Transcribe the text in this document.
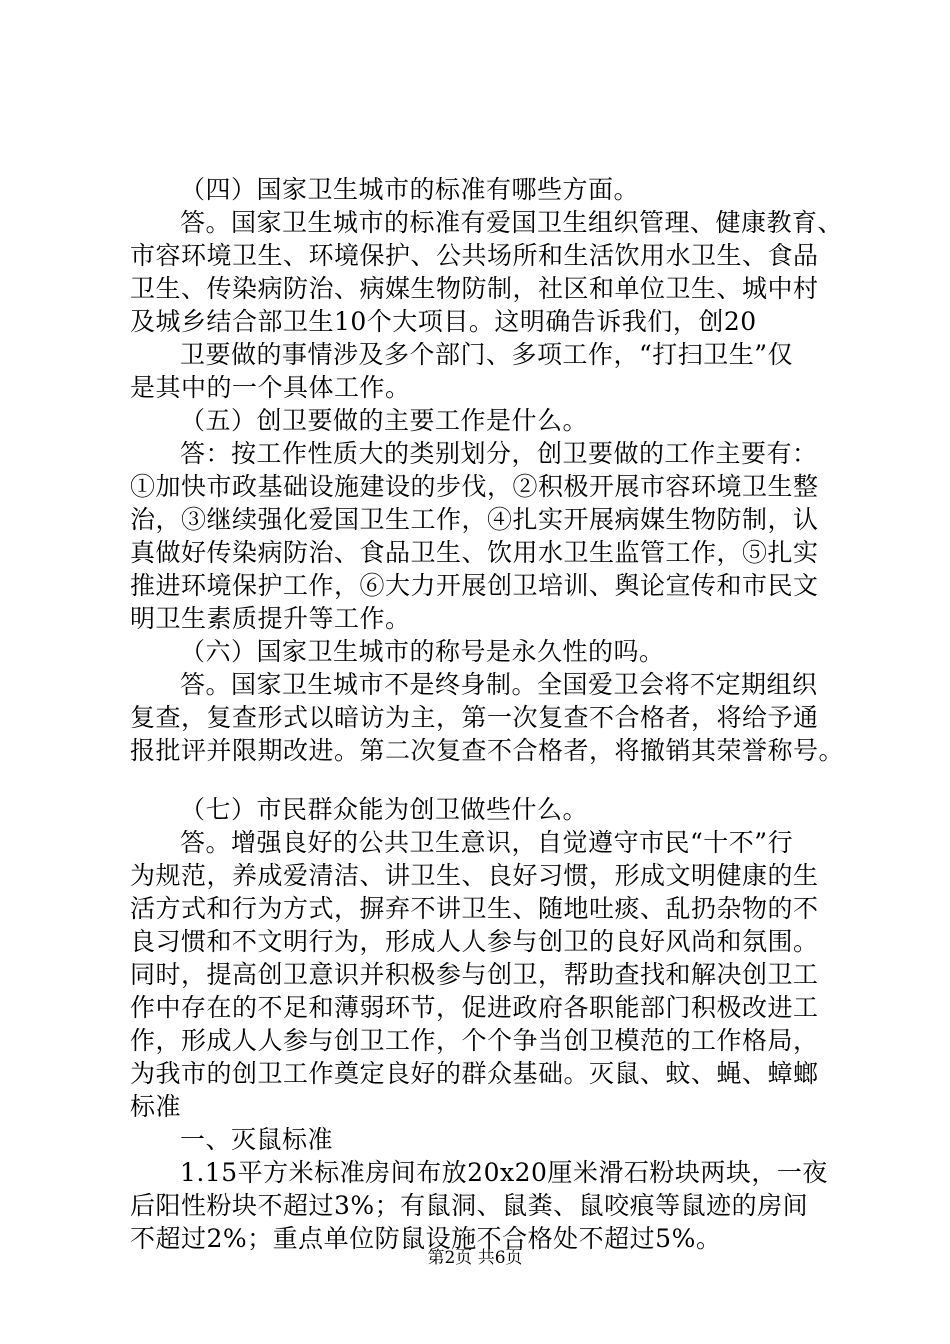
（四）国家卫生城市的标准有哪些方面。
答。国家卫生城市的标准有爱国卫生组织管理、健康教育、
市容环境卫生、环境保护、公共场所和生活饮用水卫生、食品
卫生、传染病防治、病媒生物防制，社区和单位卫生、城中村
及城乡结合部卫生10个大项目。这明确告诉我们，创20
卫要做的事情涉及多个部门、多项工作，“打扫卫生”仅
是其中的一个具体工作。
（五）创卫要做的主要工作是什么。
答：按工作性质大的类别划分，创卫要做的工作主要有：
①加快市政基础设施建设的步伐，②积极开展市容环境卫生整
治，③继续强化爱国卫生工作，④扎实开展病媒生物防制，认
真做好传染病防治、食品卫生、饮用水卫生监管工作，⑤扎实
推进环境保护工作，⑥大力开展创卫培训、舆论宣传和市民文
明卫生素质提升等工作。
（六）国家卫生城市的称号是永久性的吗。
答。国家卫生城市不是终身制。全国爱卫会将不定期组织
复查，复查形式以暗访为主，第一次复查不合格者，将给予通
报批评并限期改进。第二次复查不合格者，将撤销其荣誉称号。
（七）市民群众能为创卫做些什么。
答。增强良好的公共卫生意识，自觉遵守市民“十不”行
为规范，养成爱清洁、讲卫生、良好习惯，形成文明健康的生
活方式和行为方式，摒弃不讲卫生、随地吐痰、乱扔杂物的不
良习惯和不文明行为，形成人人参与创卫的良好风尚和氛围。
同时，提高创卫意识并积极参与创卫，帮助查找和解决创卫工
作中存在的不足和薄弱环节，促进政府各职能部门积极改进工
作，形成人人参与创卫工作，个个争当创卫模范的工作格局，
为我市的创卫工作奠定良好的群众基础。灭鼠、蚊、蝇、蟑螂
标准
一、灭鼠标准
1.15平方米标准房间布放20x20厘米滑石粉块两块，一夜
后阳性粉块不超过3%；有鼠洞、鼠粪、鼠咬痕等鼠迹的房间
不超过2%；重点单位防鼠设施不合格处不超过5%。
第2页 共6页
